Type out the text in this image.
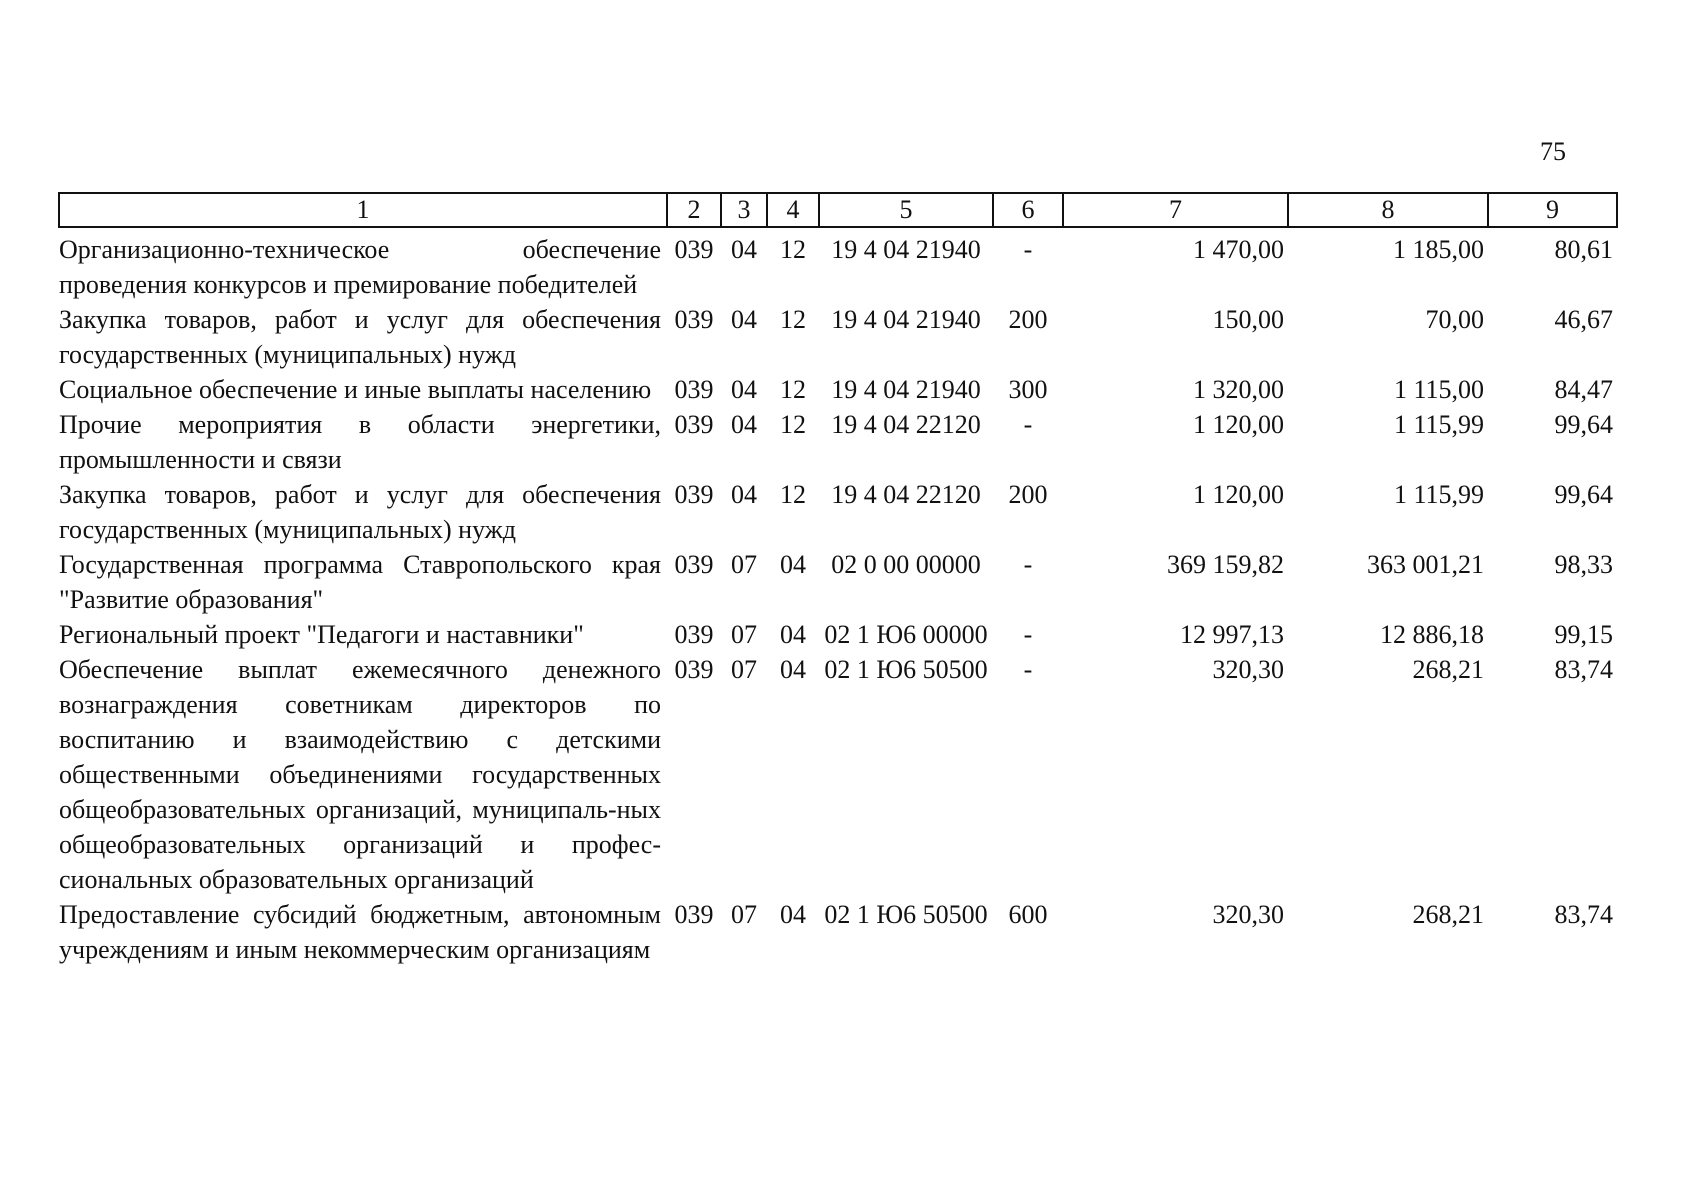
75
1	2	3	4	5	6	7	8	9
Организационно-техническое обеспечение проведения конкурсов и премирование победителей	039	04	12	19 4 04 21940	-	1 470,00	1 185,00	80,61
Закупка товаров, работ и услуг для обеспечения государственных (муниципальных) нужд	039	04	12	19 4 04 21940	200	150,00	70,00	46,67
Социальное обеспечение и иные выплаты населению	039	04	12	19 4 04 21940	300	1 320,00	1 115,00	84,47
Прочие мероприятия в области энергетики, промышленности и связи	039	04	12	19 4 04 22120	-	1 120,00	1 115,99	99,64
Закупка товаров, работ и услуг для обеспечения государственных (муниципальных) нужд	039	04	12	19 4 04 22120	200	1 120,00	1 115,99	99,64
Государственная программа Ставропольского края "Развитие образования"	039	07	04	02 0 00 00000	-	369 159,82	363 001,21	98,33
Региональный проект "Педагоги и наставники"	039	07	04	02 1 Ю6 00000	-	12 997,13	12 886,18	99,15
Обеспечение выплат ежемесячного денежного вознаграждения советникам директоров по воспитанию и взаимодействию с детскими общественными объединениями государственных общеобразовательных организаций, муниципаль-ных общеобразовательных организаций и профес-сиональных образовательных организаций	039	07	04	02 1 Ю6 50500	-	320,30	268,21	83,74
Предоставление субсидий бюджетным, автономным учреждениям и иным некоммерческим организациям	039	07	04	02 1 Ю6 50500	600	320,30	268,21	83,74
